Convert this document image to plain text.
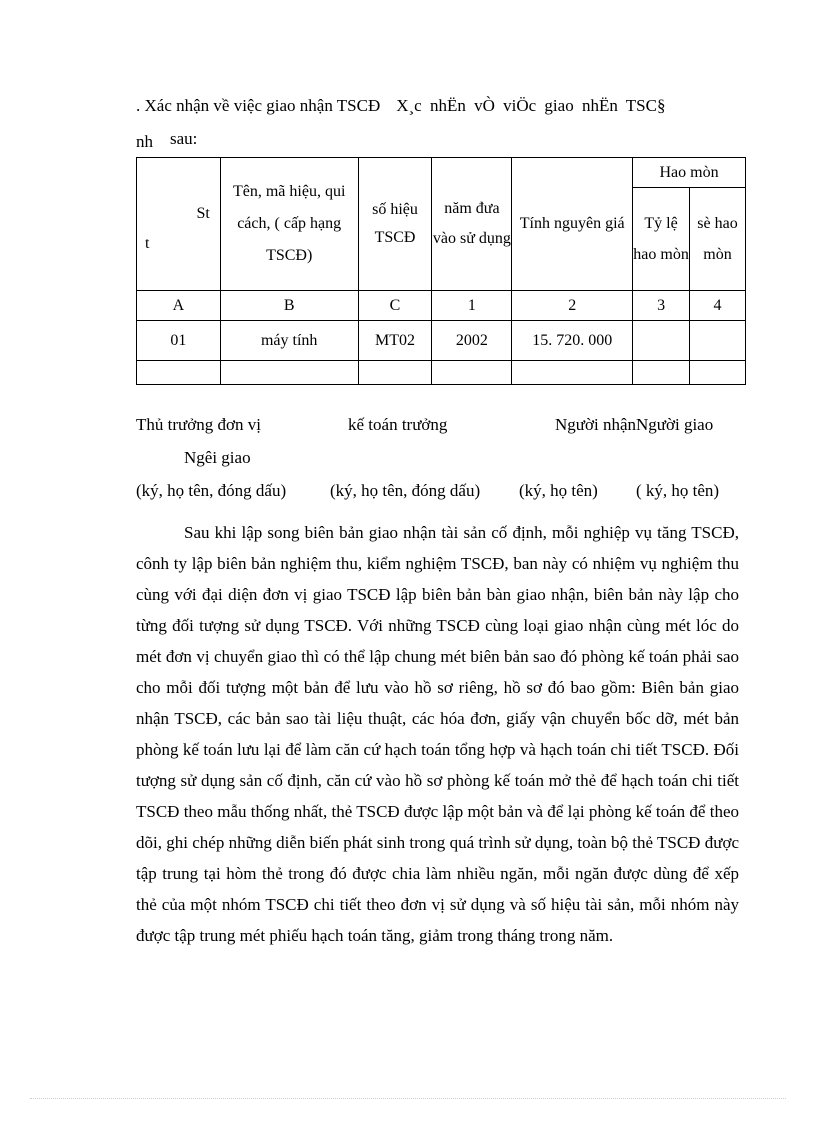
. Xác nhận về việc giao nhận TSCĐ X¸c nhËn vÒ viÖc giao nhËn TSC§
nh sau:
St
t	Tên, mã hiệu, qui cách, ( cấp hạng TSCĐ)	số hiệu TSCĐ	năm đưa vào sử dụng	Tính nguyên giá	Hao mòn	
					Tỷ lệ hao mòn	sè hao mòn
A	B	C	1	2	3	4
01	máy tính	MT02	2002	15. 720. 000		

Thủ trưởng đơn vị	kế toán trưởng	Người nhậnNgười giao
Ngêi giao
(ký, họ tên, đóng dấu)	(ký, họ tên, đóng dấu) (ký, họ tên) ( ký, họ tên)
Sau khi lập song biên bản giao nhận tài sản cố định, mỗi nghiệp vụ tăng TSCĐ, cônh ty lập biên bản nghiệm thu, kiểm nghiệm TSCĐ, ban này có nhiệm vụ nghiệm thu cùng với đại diện đơn vị giao TSCĐ lập biên bản bàn giao nhận, biên bản này lập cho từng đối tượng sử dụng TSCĐ. Với những TSCĐ cùng loại giao nhận cùng mét lóc do mét đơn vị chuyển giao thì có thể lập chung mét biên bản sao đó phòng kế toán phải sao cho mỗi đối tượng một bản để lưu vào hồ sơ riêng, hồ sơ đó bao gồm: Biên bản giao nhận TSCĐ, các bản sao tài liệu thuật, các hóa đơn, giấy vận chuyển bốc dỡ, mét bản phòng kế toán lưu lại để làm căn cứ hạch toán tổng hợp và hạch toán chi tiết TSCĐ. Đối tượng sử dụng sản cố định, căn cứ vào hồ sơ phòng kế toán mở thẻ để hạch toán chi tiết TSCĐ theo mẫu thống nhất, thẻ TSCĐ được lập một bản và để lại phòng kế toán để theo dõi, ghi chép những diễn biến phát sinh trong quá trình sử dụng, toàn bộ thẻ TSCĐ được tập trung tại hòm thẻ trong đó được chia làm nhiều ngăn, mỗi ngăn được dùng để xếp thẻ của một nhóm TSCĐ chi tiết theo đơn vị sử dụng và số hiệu tài sản, mỗi nhóm này được tập trung mét phiếu hạch toán tăng, giảm trong tháng trong năm.
